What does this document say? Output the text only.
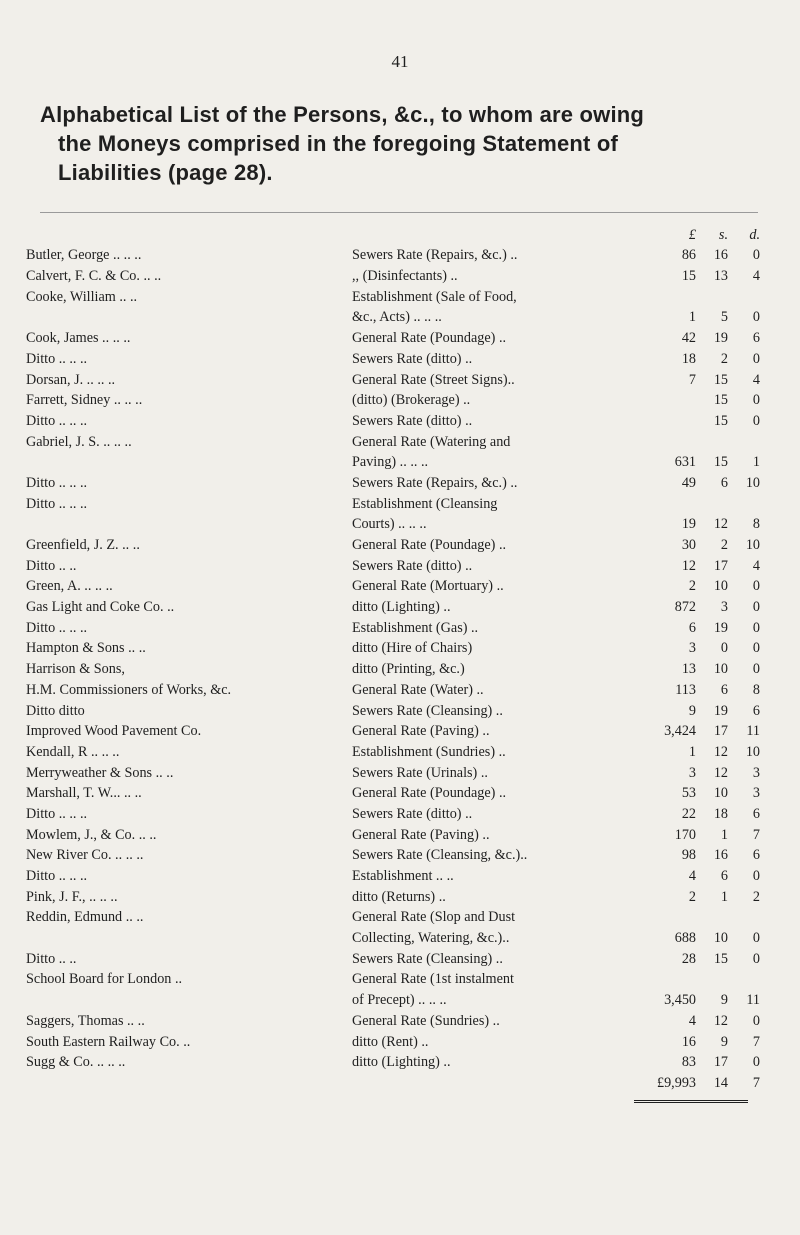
41
Alphabetical List of the Persons, &c., to whom are owing
the Moneys comprised in the foregoing Statement of
Liabilities (page 28).
		£	s.	d.
Butler, George .. .. ..	Sewers Rate (Repairs, &c.) ..	86	16	0
Calvert, F. C. & Co. .. ..	,, (Disinfectants) ..	15	13	4
Cooke, William .. ..	Establishment (Sale of Food,			
	&c., Acts) .. .. ..	1	5	0
Cook, James .. .. ..	General Rate (Poundage) ..	42	19	6
Ditto .. .. ..	Sewers Rate (ditto) ..	18	2	0
Dorsan, J. .. .. ..	General Rate (Street Signs)..	7	15	4
Farrett, Sidney .. .. ..	(ditto) (Brokerage) ..		15	0
Ditto .. .. ..	Sewers Rate (ditto) ..		15	0
Gabriel, J. S. .. .. ..	General Rate (Watering and			
	Paving) .. .. ..	631	15	1
Ditto .. .. ..	Sewers Rate (Repairs, &c.) ..	49	6	10
Ditto .. .. ..	Establishment (Cleansing			
	Courts) .. .. ..	19	12	8
Greenfield, J. Z. .. ..	General Rate (Poundage) ..	30	2	10
Ditto .. ..	Sewers Rate (ditto) ..	12	17	4
Green, A. .. .. ..	General Rate (Mortuary) ..	2	10	0
Gas Light and Coke Co. ..	ditto (Lighting) ..	872	3	0
Ditto .. .. ..	Establishment (Gas) ..	6	19	0
Hampton & Sons .. ..	ditto (Hire of Chairs)	3	0	0
Harrison & Sons,	ditto (Printing, &c.)	13	10	0
H.M. Commissioners of Works, &c.	General Rate (Water) ..	113	6	8
Ditto ditto	Sewers Rate (Cleansing) ..	9	19	6
Improved Wood Pavement Co.	General Rate (Paving) ..	3,424	17	11
Kendall, R .. .. ..	Establishment (Sundries) ..	1	12	10
Merryweather & Sons .. ..	Sewers Rate (Urinals) ..	3	12	3
Marshall, T. W... .. ..	General Rate (Poundage) ..	53	10	3
Ditto .. .. ..	Sewers Rate (ditto) ..	22	18	6
Mowlem, J., & Co. .. ..	General Rate (Paving) ..	170	1	7
New River Co. .. .. ..	Sewers Rate (Cleansing, &c.)..	98	16	6
Ditto .. .. ..	Establishment .. ..	4	6	0
Pink, J. F., .. .. ..	ditto (Returns) ..	2	1	2
Reddin, Edmund .. ..	General Rate (Slop and Dust			
	Collecting, Watering, &c.)..	688	10	0
Ditto .. ..	Sewers Rate (Cleansing) ..	28	15	0
School Board for London ..	General Rate (1st instalment			
	of Precept) .. .. ..	3,450	9	11
Saggers, Thomas .. ..	General Rate (Sundries) ..	4	12	0
South Eastern Railway Co. ..	ditto (Rent) ..	16	9	7
Sugg & Co. .. .. ..	ditto (Lighting) ..	83	17	0
		£9,993	14	7
